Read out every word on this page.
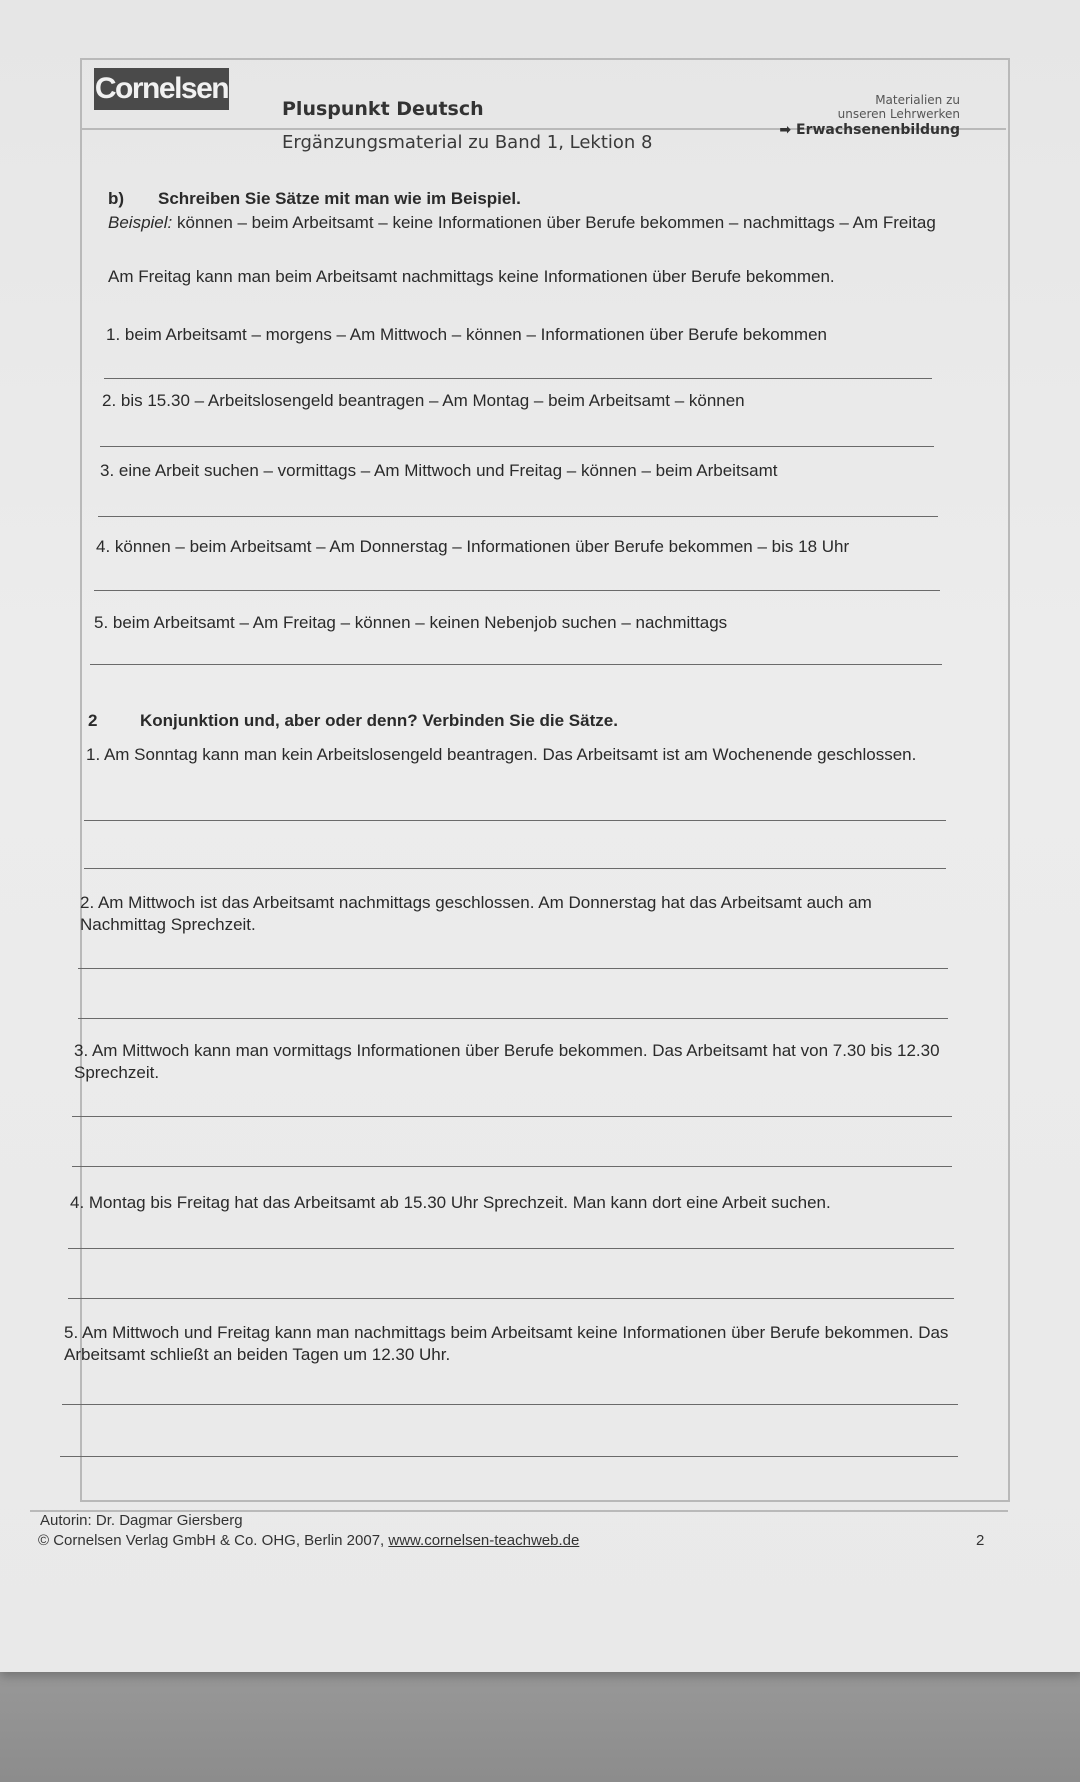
Cornelsen
Pluspunkt Deutsch
Ergänzungsmaterial zu Band 1, Lektion 8
Materialien zu
unseren Lehrwerken
➡ Erwachsenenbildung
b) Schreiben Sie Sätze mit man wie im Beispiel.
Beispiel: können – beim Arbeitsamt – keine Informationen über Berufe bekommen – nachmittags – Am Freitag
Am Freitag kann man beim Arbeitsamt nachmittags keine Informationen über Berufe bekommen.
1. beim Arbeitsamt – morgens – Am Mittwoch – können – Informationen über Berufe bekommen
2. bis 15.30 – Arbeitslosengeld beantragen – Am Montag – beim Arbeitsamt – können
3. eine Arbeit suchen – vormittags – Am Mittwoch und Freitag – können – beim Arbeitsamt
4. können – beim Arbeitsamt – Am Donnerstag – Informationen über Berufe bekommen – bis 18 Uhr
5. beim Arbeitsamt – Am Freitag – können – keinen Nebenjob suchen – nachmittags
2	Konjunktion und, aber oder denn? Verbinden Sie die Sätze.
1. Am Sonntag kann man kein Arbeitslosengeld beantragen. Das Arbeitsamt ist am Wochenende geschlossen.
2. Am Mittwoch ist das Arbeitsamt nachmittags geschlossen. Am Donnerstag hat das Arbeitsamt auch am Nachmittag Sprechzeit.
3. Am Mittwoch kann man vormittags Informationen über Berufe bekommen. Das Arbeitsamt hat von 7.30 bis 12.30 Sprechzeit.
4. Montag bis Freitag hat das Arbeitsamt ab 15.30 Uhr Sprechzeit. Man kann dort eine Arbeit suchen.
5. Am Mittwoch und Freitag kann man nachmittags beim Arbeitsamt keine Informationen über Berufe bekommen. Das Arbeitsamt schließt an beiden Tagen um 12.30 Uhr.
Autorin: Dr. Dagmar Giersberg
© Cornelsen Verlag GmbH & Co. OHG, Berlin 2007, www.cornelsen-teachweb.de	2
